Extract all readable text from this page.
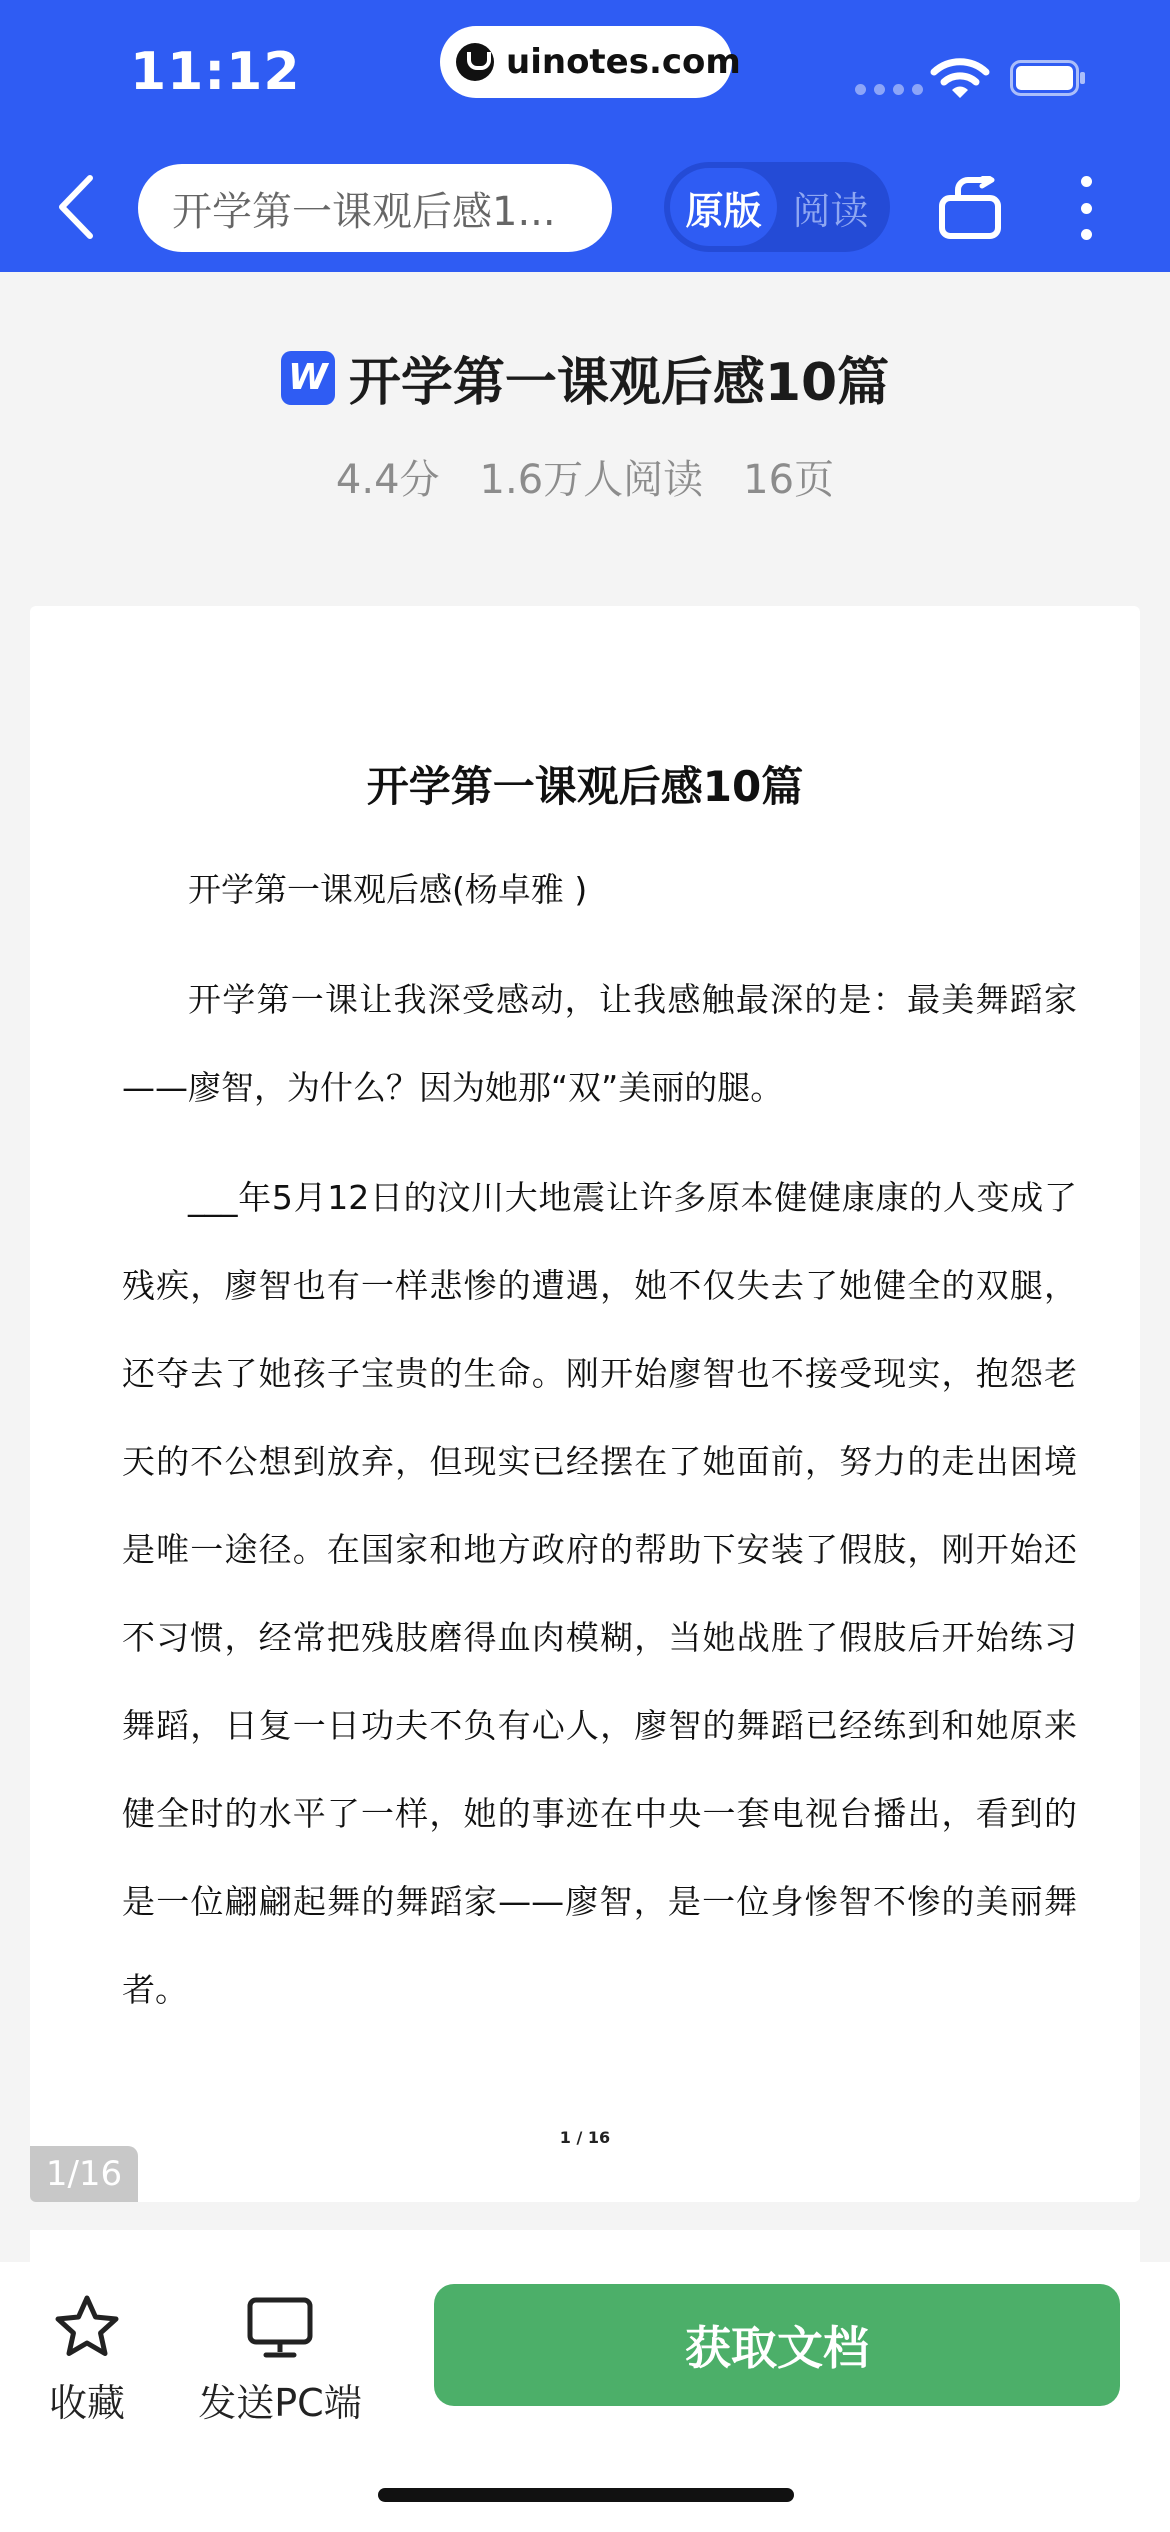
11:12	uinotes.com
开学第一课观后感1...	原版 阅读
W 开学第一课观后感10篇
4.4分 1.6万人阅读 16页
开学第一课观后感10篇

开学第一课观后感(杨卓雅 )

开学第一课让我深受感动，让我感触最深的是：最美舞蹈家——廖智，为什么？因为她那“双”美丽的腿。

___年5月12日的汶川大地震让许多原本健健康康的人变成了残疾，廖智也有一样悲惨的遭遇，她不仅失去了她健全的双腿，还夺去了她孩子宝贵的生命。刚开始廖智也不接受现实，抱怨老天的不公想到放弃，但现实已经摆在了她面前，努力的走出困境是唯一途径。在国家和地方政府的帮助下安装了假肢，刚开始还不习惯，经常把残肢磨得血肉模糊，当她战胜了假肢后开始练习舞蹈，日复一日功夫不负有心人，廖智的舞蹈已经练到和她原来健全时的水平了一样，她的事迹在中央一套电视台播出，看到的是一位翩翩起舞的舞蹈家——廖智，是一位身惨智不惨的美丽舞者。

1 / 16
1/16
收藏 发送PC端
获取文档
